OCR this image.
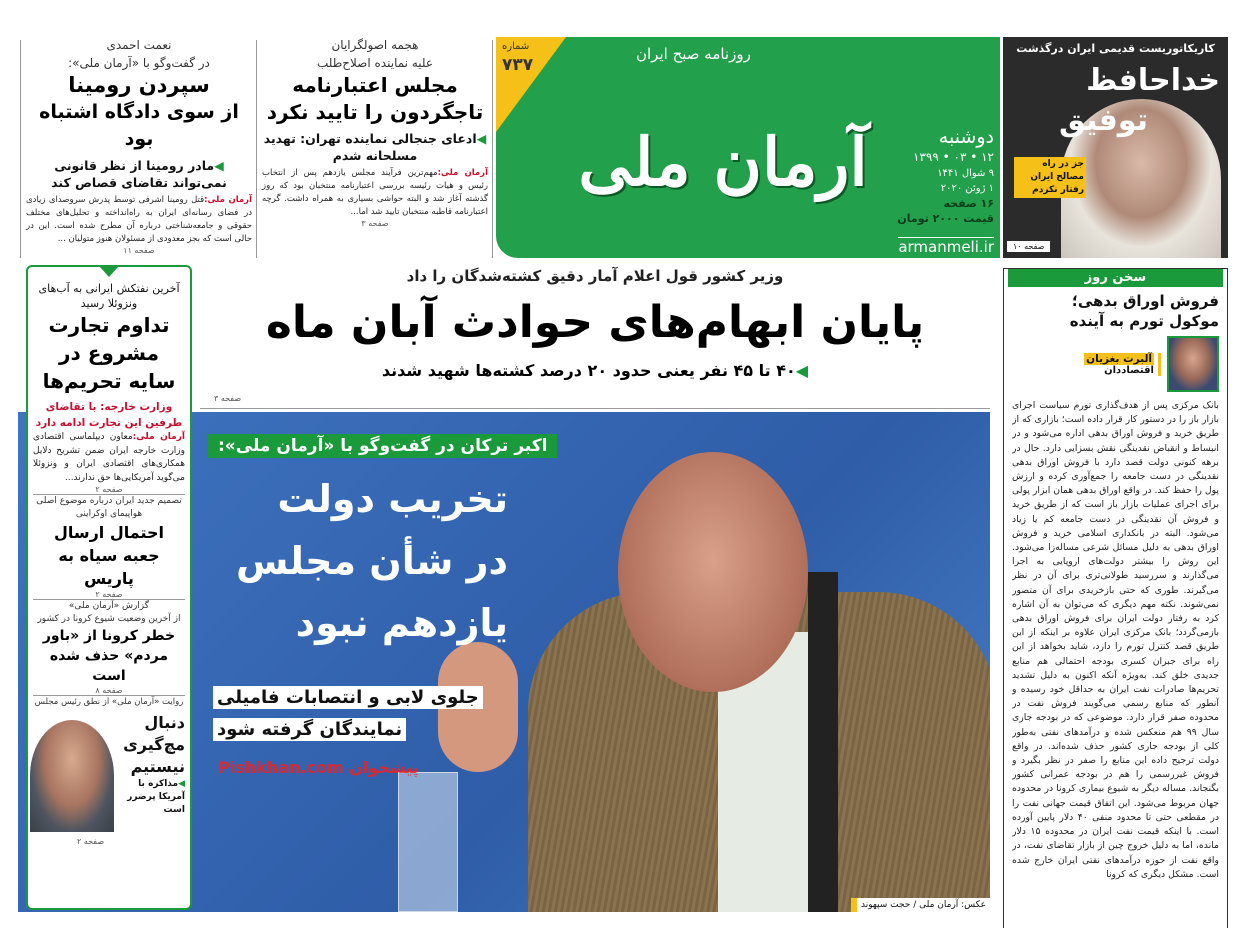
نعمت احمدی
در گفت‌وگو با «آرمان ملی»:
سپردن رومینا
از سوی دادگاه اشتباه بود
◀مادر رومینا از نظر قانونی نمی‌تواند تقاضای قصاص کند
آرمان ملی:قتل رومینا اشرفی توسط پدرش سروصدای زیادی در فضای رسانه‌ای ایران به راه‌انداخته و تحلیل‌های مختلف حقوقی و جامعه‌شناختی درباره آن مطرح شده است. این در حالی است که بجز معدودی از مسئولان هنوز متولیان ...
صفحه ۱۱
هجمه اصولگرایان
علیه نماینده اصلاح‌طلب
مجلس اعتبارنامه
تاجگردون را تایید نکرد
◀ادعای جنجالی نماینده تهران: تهدید مسلحانه شدم
آرمان ملی:مهم‌ترین فرآیند مجلس یازدهم پس از انتخاب رئیس و هیات رئیسه بررسی اعتبارنامه منتخبان بود که روز گذشته آغاز شد و البته حواشی بسیاری به همراه داشت. گرچه اعتبارنامه قاطبه منتخبان تایید شد اما...
صفحه ۳
شماره
۷۳۷
روزنامه صبح ایران
آرمان ملی	دوشنبه
۱۲ • ۰۳ • ۱۳۹۹
۹ شوال ۱۴۴۱
۱ ژوئن ۲۰۲۰
۱۶ صفحه
قیمت ۲۰۰۰ تومان
armanmeli.ir
کاریکاتوریست قدیمی ایران درگذشت
خداحافظ
توفیق
جز در راه مصالح ایران
رفتار نکردم
صفحه ۱۰
وزیر کشور قول اعلام آمار دقیق کشته‌شدگان را داد
پایان ابهام‌های حوادث آبان ماه
◀۴۰ تا ۴۵ نفر یعنی حدود ۲۰ درصد کشته‌ها شهید شدند
صفحه ۳
اکبر ترکان در گفت‌وگو با «آرمان ملی»:
تخریب دولت
در شأن مجلس
یازدهم نبود
جلوی لابی و انتصابات فامیلی
نمایندگان گرفته شود
پیشخوان Pishkhan.com
عکس: آرمان ملی / حجت سپهوند
آخرین نفتکش ایرانی به آب‌های ونزوئلا رسید
تداوم تجارت مشروع در سایه تحریم‌ها
وزارت خارجه: با تقاضای طرفین این تجارت ادامه دارد
آرمان ملی:معاون دیپلماسی اقتصادی وزارت خارجه ایران ضمن تشریح دلایل همکاری‌های اقتصادی ایران و ونزوئلا می‌گوید آمریکایی‌ها حق ندارند...
صفحه ۲
تصمیم جدید ایران درباره موضوع اصلی هواپیمای اوکراینی
احتمال ارسال جعبه سیاه به پاریس
صفحه ۲
گزارش «آرمان ملی»
از آخرین وضعیت شیوع کرونا در کشور
خطر کرونا از «باور مردم» حذف شده است
صفحه ۸
روایت «آرمان ملی» از نطق رئیس مجلس
دنبال
مچ‌گیری
نیستیم
◀مذاکره با آمریکا پرضرر است
صفحه ۲
سخن روز
فروش اوراق بدهی؛
موکول تورم به آینده
آلبرت بغزیان
اقتصاددان
بانک مرکزی پس از هدف‌گذاری تورم سیاست اجرای بازار باز را در دستور کار قرار داده است؛ بازاری که از طریق خرید و فروش اوراق بدهی اداره می‌شود و در انبساط و انقباض نقدینگی نقش بسزایی دارد. حال در برهه کنونی دولت قصد دارد با فروش اوراق بدهی نقدینگی در دست جامعه را جمع‌آوری کرده و ارزش پول را حفظ کند. در واقع اوراق بدهی همان ابزار پولی برای اجرای عملیات بازار باز است که از طریق خرید و فروش آن نقدینگی در دست جامعه کم یا زیاد می‌شود. البته در بانکداری اسلامی خرید و فروش اوراق بدهی به دلیل مسائل شرعی مساله‌زا می‌شود. این روش را بیشتر دولت‌های اروپایی به اجرا می‌گذارند و سررسید طولانی‌تری برای آن در نظر می‌گیرند. طوری که حتی بازخریدی برای آن متصور نمی‌شوند. نکته مهم دیگری که می‌توان به آن اشاره کرد به رفتار دولت ایران برای فروش اوراق بدهی بازمی‌گردد؛ بانک مرکزی ایران علاوه بر اینکه از این طریق قصد کنترل تورم را دارد، شاید بخواهد از این راه برای جبران کسری بودجه احتمالی هم منابع جدیدی خلق کند. به‌ویژه آنکه اکنون به دلیل تشدید تحریم‌ها صادرات نفت ایران به حداقل خود رسیده و آنطور که منابع رسمی می‌گویند فروش نفت در محدوده صفر قرار دارد. موضوعی که در بودجه جاری سال ۹۹ هم منعکس شده و درآمدهای نفتی به‌طور کلی از بودجه جاری کشور حذف شده‌اند. در واقع دولت ترجیح داده این منابع را صفر در نظر بگیرد و فروش غیررسمی را هم در بودجه عمرانی کشور بگنجاند. مساله دیگر به شیوع بیماری کرونا در محدوده جهان مربوط می‌شود. این اتفاق قیمت جهانی نفت را در مقطعی حتی تا محدود منفی ۴۰ دلار پایین آورده است. با اینکه قیمت نفت ایران در محدوده ۱۵ دلار مانده، اما به دلیل خروج چین از بازار تقاضای نفت، در واقع نفت از حوزه درآمدهای نفتی ایران خارج شده است. مشکل دیگری که کرونا
